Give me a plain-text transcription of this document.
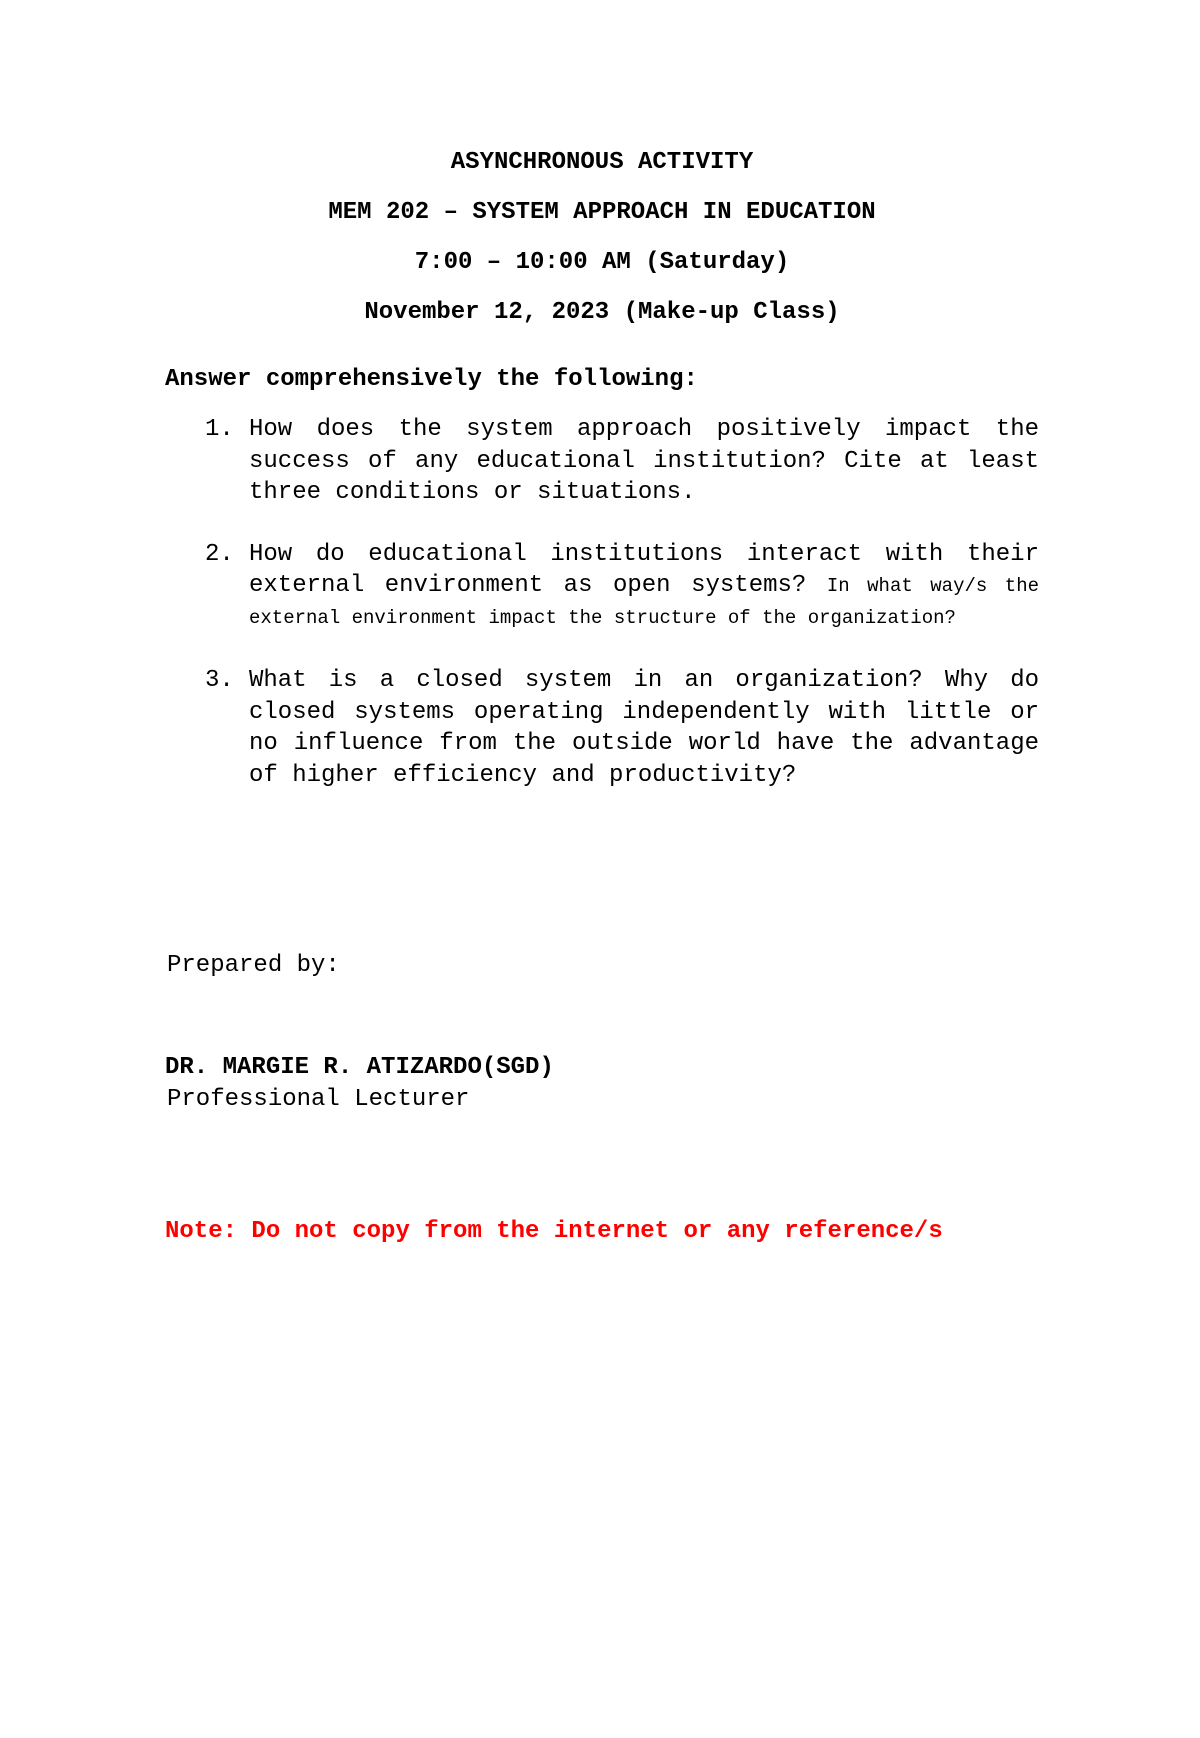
ASYNCHRONOUS ACTIVITY
MEM 202 – SYSTEM APPROACH IN EDUCATION

7:00 – 10:00 AM (Saturday)

November 12, 2023 (Make-up Class)

Answer comprehensively the following:

1. How does the system approach positively impact the success of any educational institution? Cite at least three conditions or situations.
2. How do educational institutions interact with their external environment as open systems? In what way/s the external environment impact the structure of the organization?
3. What is a closed system in an organization? Why do closed systems operating independently with little or no influence from the outside world have the advantage of higher efficiency and productivity?

Prepared by:

DR. MARGIE R. ATIZARDO(SGD)

Professional Lecturer

Note: Do not copy from the internet or any reference/s
